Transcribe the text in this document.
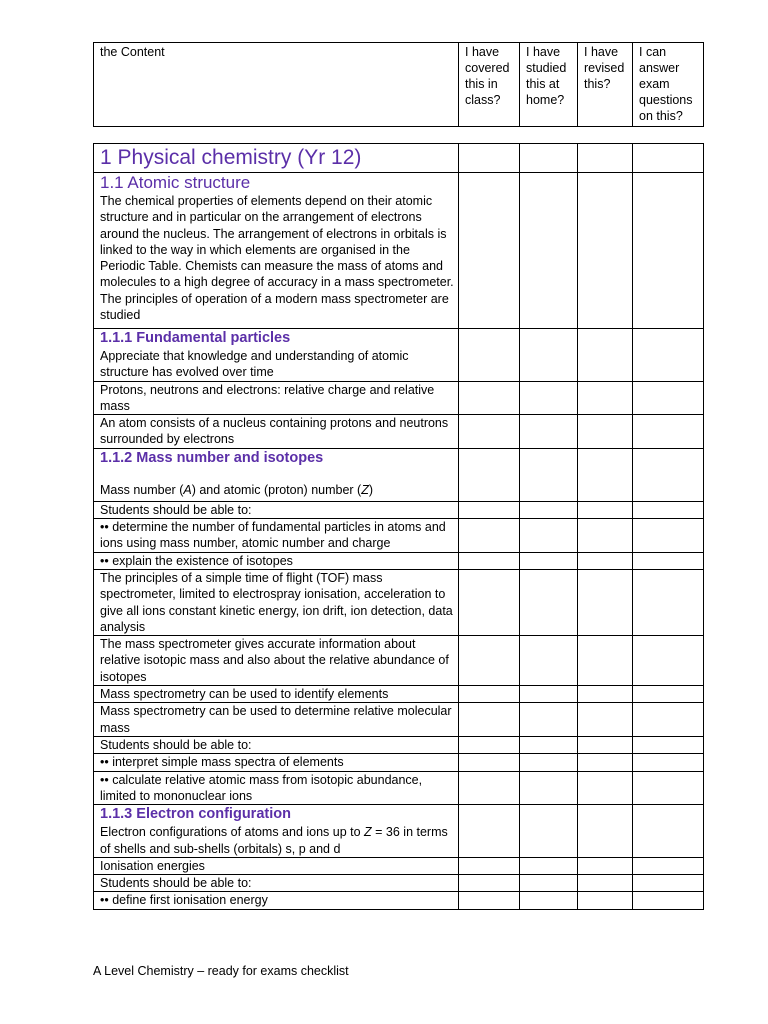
the Content	I have covered this in class?	I have studied this at home?	I have revised this?	I can answer exam questions on this?
1 Physical chemistry (Yr 12)				

1.1 Atomic structure
The chemical properties of elements depend on their atomic structure and in particular on the arrangement of electrons around the nucleus. The arrangement of electrons in orbitals is linked to the way in which elements are organised in the Periodic Table. Chemists can measure the mass of atoms and molecules to a high degree of accuracy in a mass spectrometer. The principles of operation of a modern mass spectrometer are studied				

1.1.1 Fundamental particles
Appreciate that knowledge and understanding of atomic structure has evolved over time				

Protons, neutrons and electrons: relative charge and relative mass				
An atom consists of a nucleus containing protons and neutrons surrounded by electrons				

1.1.2 Mass number and isotopes
Mass number (A) and atomic (proton) number (Z)				

Students should be able to:				
•• determine the number of fundamental particles in atoms and ions using mass number, atomic number and charge				
•• explain the existence of isotopes				
The principles of a simple time of flight (TOF) mass spectrometer, limited to electrospray ionisation, acceleration to give all ions constant kinetic energy, ion drift, ion detection, data analysis				
The mass spectrometer gives accurate information about relative isotopic mass and also about the relative abundance of isotopes				
Mass spectrometry can be used to identify elements				
Mass spectrometry can be used to determine relative molecular mass				
Students should be able to:				
•• interpret simple mass spectra of elements				
•• calculate relative atomic mass from isotopic abundance, limited to mononuclear ions				

1.1.3 Electron configuration
Electron configurations of atoms and ions up to Z = 36 in terms of shells and sub-shells (orbitals) s, p and d				

Ionisation energies				
Students should be able to:				
•• define first ionisation energy				
A Level Chemistry – ready for exams checklist
